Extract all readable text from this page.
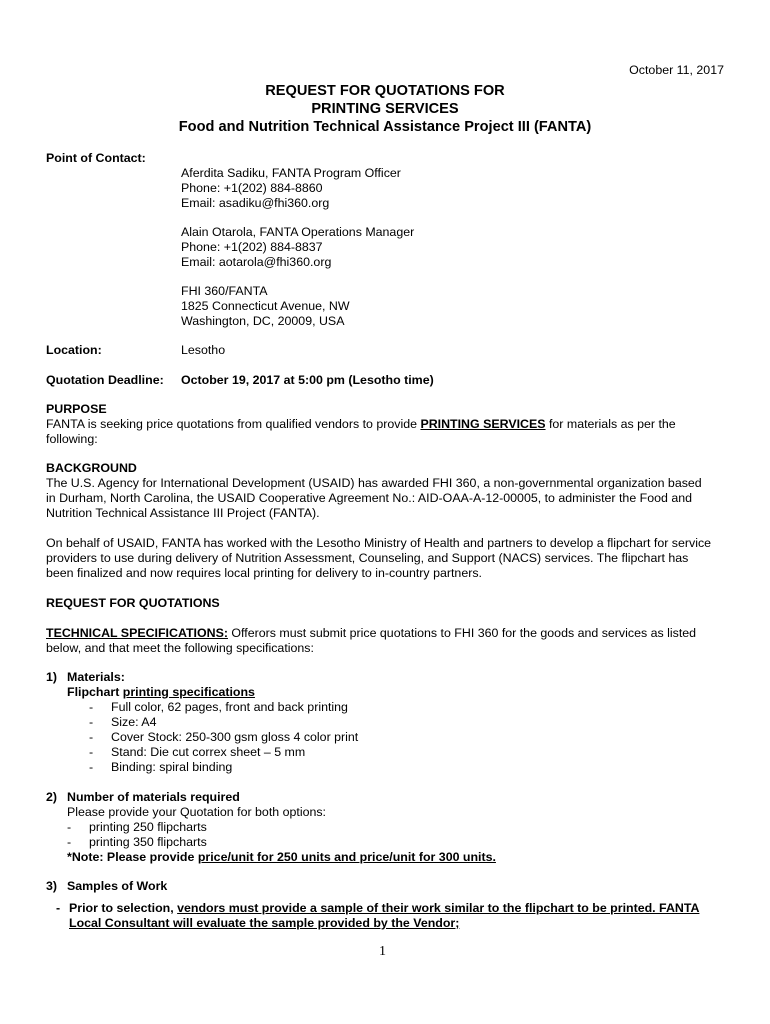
October 11, 2017
REQUEST FOR QUOTATIONS FOR
PRINTING SERVICES
Food and Nutrition Technical Assistance Project III (FANTA)
Point of Contact:
Aferdita Sadiku, FANTA Program Officer
Phone: +1(202) 884-8860
Email: asadiku@fhi360.org
Alain Otarola, FANTA Operations Manager
Phone: +1(202) 884-8837
Email: aotarola@fhi360.org
FHI 360/FANTA
1825 Connecticut Avenue, NW
Washington, DC, 20009, USA
Location:	Lesotho
Quotation Deadline: October 19, 2017 at 5:00 pm (Lesotho time)
PURPOSE
FANTA is seeking price quotations from qualified vendors to provide PRINTING SERVICES for materials as per the
following:
BACKGROUND
The U.S. Agency for International Development (USAID) has awarded FHI 360, a non-governmental organization based
in Durham, North Carolina, the USAID Cooperative Agreement No.: AID-OAA-A-12-00005, to administer the Food and
Nutrition Technical Assistance III Project (FANTA).
On behalf of USAID, FANTA has worked with the Lesotho Ministry of Health and partners to develop a flipchart for service
providers to use during delivery of Nutrition Assessment, Counseling, and Support (NACS) services. The flipchart has
been finalized and now requires local printing for delivery to in-country partners.
REQUEST FOR QUOTATIONS
TECHNICAL SPECIFICATIONS: Offerors must submit price quotations to FHI 360 for the goods and services as listed
below, and that meet the following specifications:
1) Materials:
Flipchart printing specifications
- Full color, 62 pages, front and back printing
- Size: A4
- Cover Stock: 250-300 gsm gloss 4 color print
- Stand: Die cut correx sheet – 5 mm
- Binding: spiral binding
2) Number of materials required
Please provide your Quotation for both options:
- printing 250 flipcharts
- printing 350 flipcharts
*Note: Please provide price/unit for 250 units and price/unit for 300 units.
3) Samples of Work
- Prior to selection, vendors must provide a sample of their work similar to the flipchart to be printed. FANTA
Local Consultant will evaluate the sample provided by the Vendor;
1
